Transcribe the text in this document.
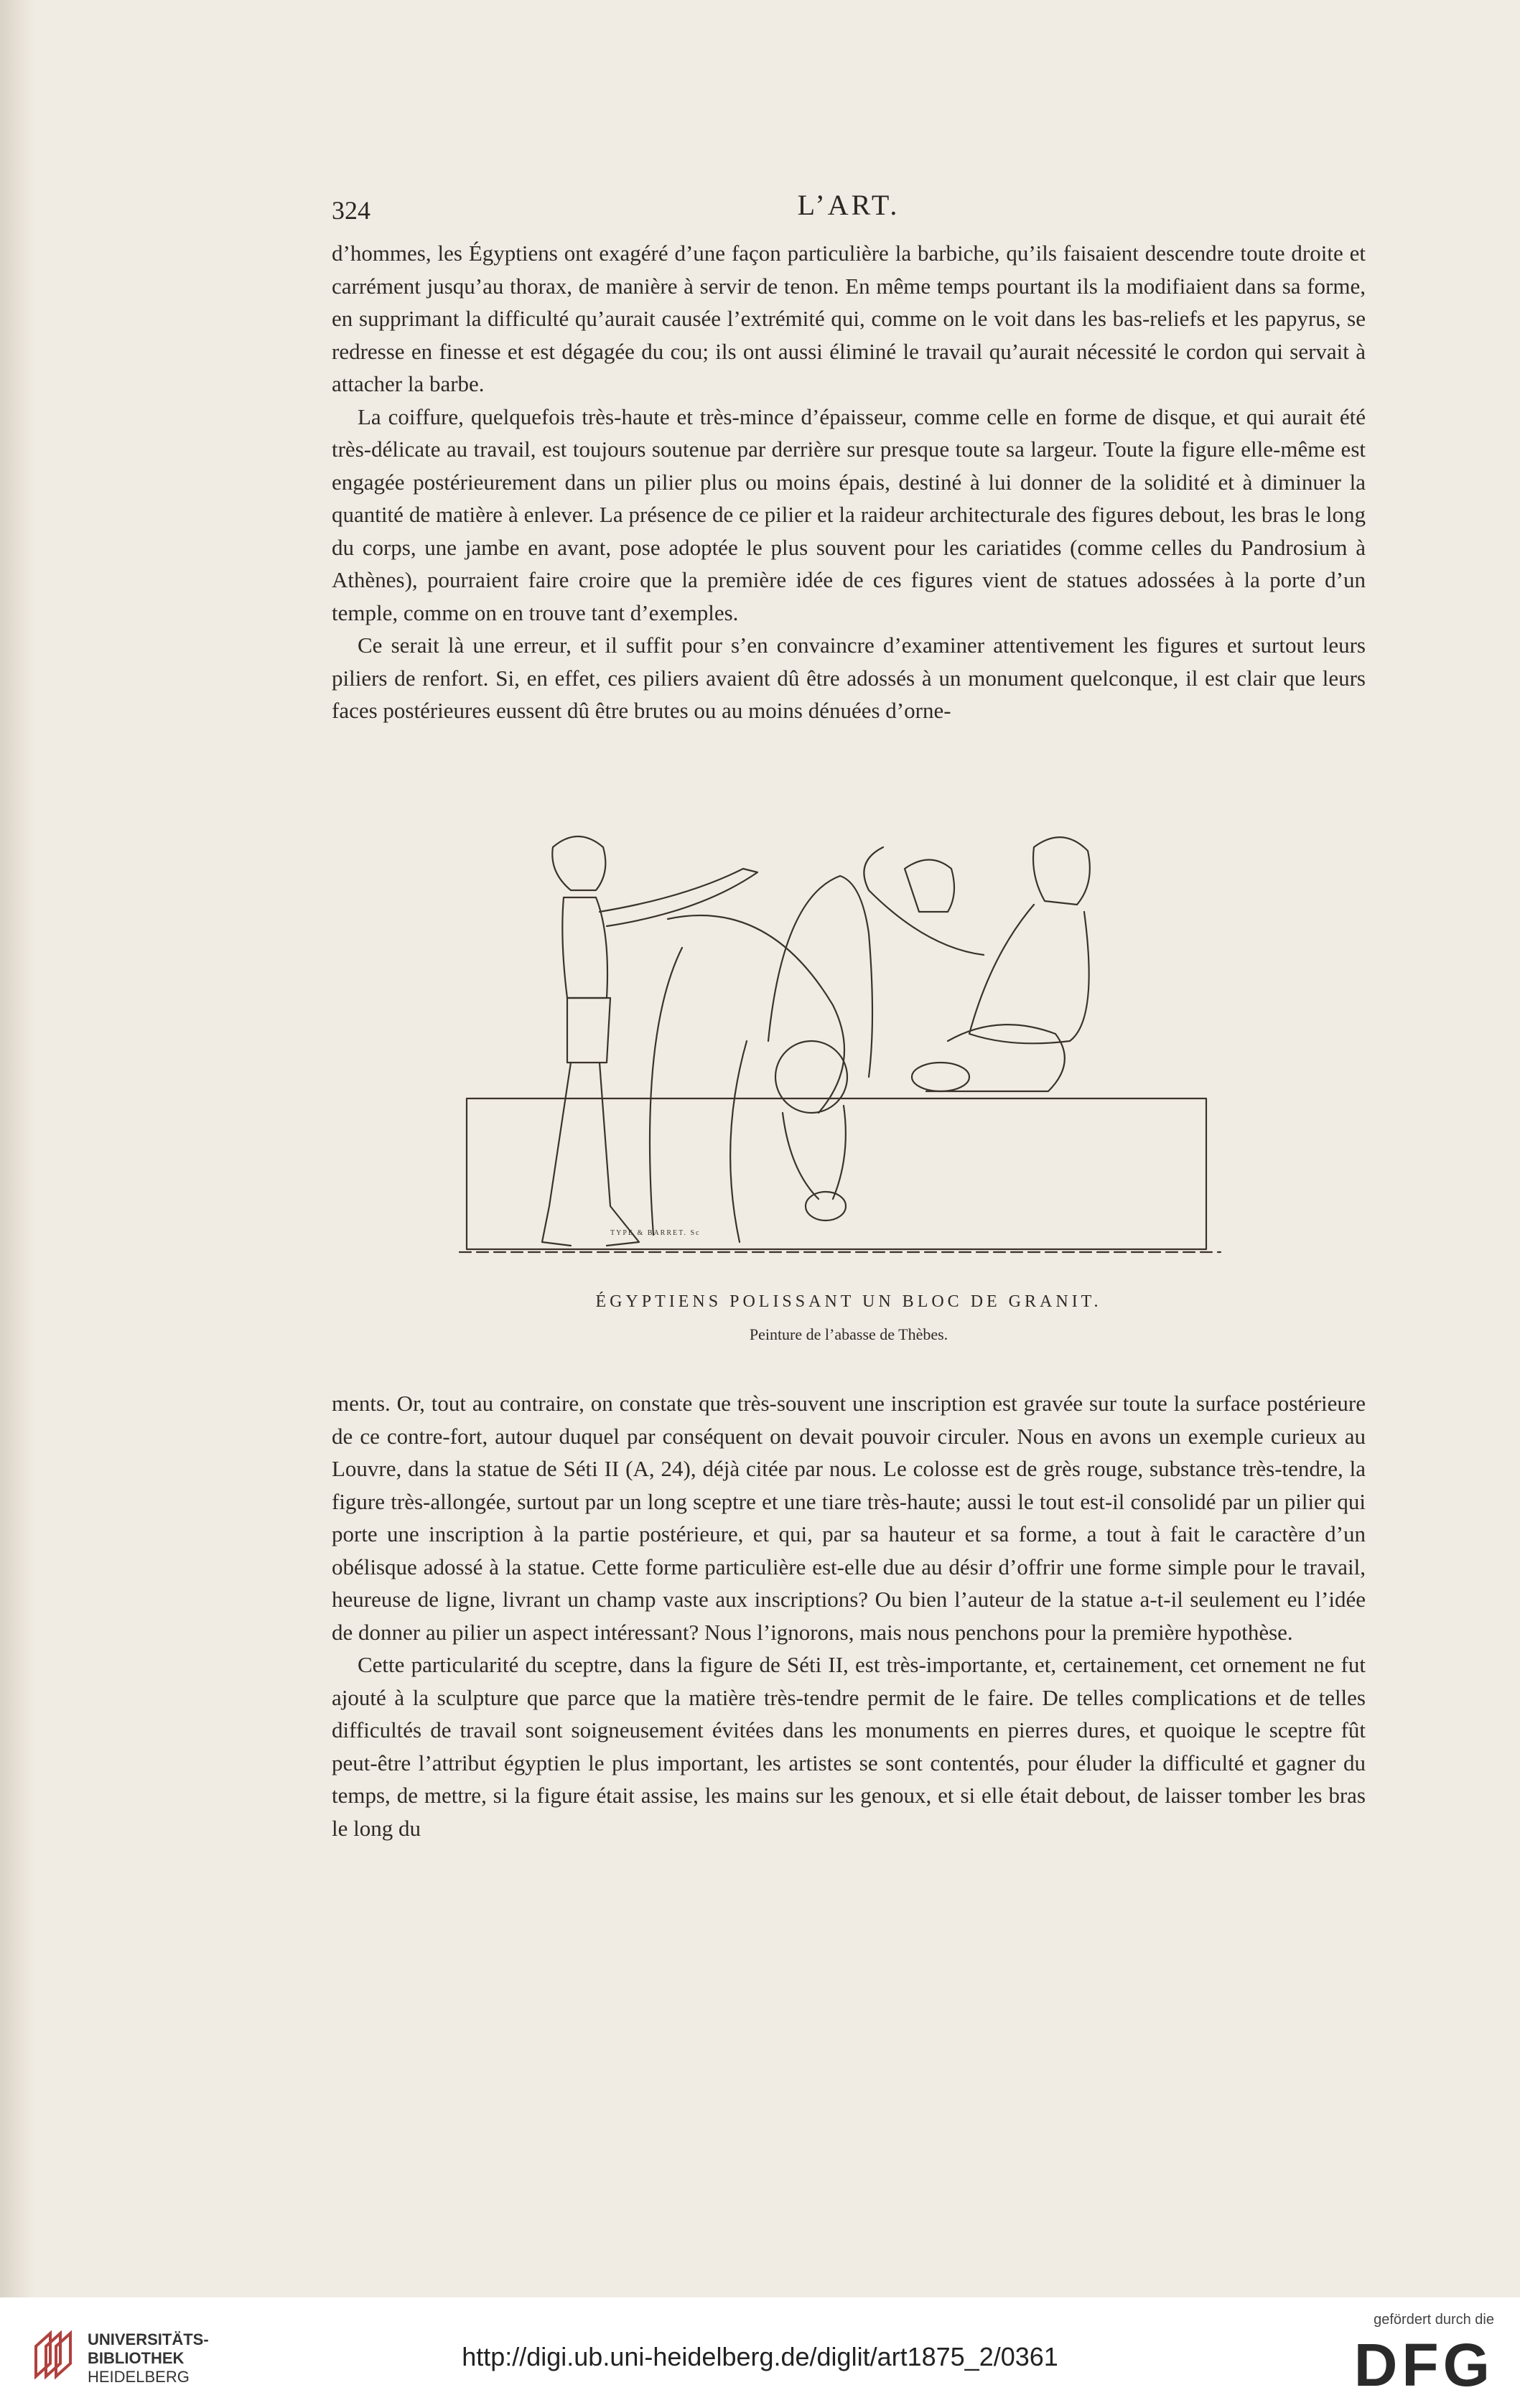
324	L’ART.

d’hommes, les Égyptiens ont exagéré d’une façon particulière la barbiche, qu’ils faisaient descendre toute droite et carrément jusqu’au thorax, de manière à servir de tenon. En même temps pourtant ils la modifiaient dans sa forme, en supprimant la difficulté qu’aurait causée l’extrémité qui, comme on le voit dans les bas-reliefs et les papyrus, se redresse en finesse et est dégagée du cou; ils ont aussi éliminé le travail qu’aurait nécessité le cordon qui servait à attacher la barbe.

La coiffure, quelquefois très-haute et très-mince d’épaisseur, comme celle en forme de disque, et qui aurait été très-délicate au travail, est toujours soutenue par derrière sur presque toute sa largeur. Toute la figure elle-même est engagée postérieurement dans un pilier plus ou moins épais, destiné à lui donner de la solidité et à diminuer la quantité de matière à enlever. La présence de ce pilier et la raideur architecturale des figures debout, les bras le long du corps, une jambe en avant, pose adoptée le plus souvent pour les cariatides (comme celles du Pandrosium à Athènes), pourraient faire croire que la première idée de ces figures vient de statues adossées à la porte d’un temple, comme on en trouve tant d’exemples.

Ce serait là une erreur, et il suffit pour s’en convaincre d’examiner attentivement les figures et surtout leurs piliers de renfort. Si, en effet, ces piliers avaient dû être adossés à un monument quelconque, il est clair que leurs faces postérieures eussent dû être brutes ou au moins dénuées d’orne-

TYPE & BARRET. Sc
ÉGYPTIENS POLISSANT UN BLOC DE GRANIT.
Peinture de l’abasse de Thèbes.

ments. Or, tout au contraire, on constate que très-souvent une inscription est gravée sur toute la surface postérieure de ce contre-fort, autour duquel par conséquent on devait pouvoir circuler. Nous en avons un exemple curieux au Louvre, dans la statue de Séti II (A, 24), déjà citée par nous. Le colosse est de grès rouge, substance très-tendre, la figure très-allongée, surtout par un long sceptre et une tiare très-haute; aussi le tout est-il consolidé par un pilier qui porte une inscription à la partie postérieure, et qui, par sa hauteur et sa forme, a tout à fait le caractère d’un obélisque adossé à la statue. Cette forme particulière est-elle due au désir d’offrir une forme simple pour le travail, heureuse de ligne, livrant un champ vaste aux inscriptions? Ou bien l’auteur de la statue a-t-il seulement eu l’idée de donner au pilier un aspect intéressant? Nous l’ignorons, mais nous penchons pour la première hypothèse.

Cette particularité du sceptre, dans la figure de Séti II, est très-importante, et, certainement, cet ornement ne fut ajouté à la sculpture que parce que la matière très-tendre permit de le faire. De telles complications et de telles difficultés de travail sont soigneusement évitées dans les monuments en pierres dures, et quoique le sceptre fût peut-être l’attribut égyptien le plus important, les artistes se sont contentés, pour éluder la difficulté et gagner du temps, de mettre, si la figure était assise, les mains sur les genoux, et si elle était debout, de laisser tomber les bras le long du

UNIVERSITÄTS-
BIBLIOTHEK
HEIDELBERG
http://digi.ub.uni-heidelberg.de/diglit/art1875_2/0361
gefördert durch die
DFG
